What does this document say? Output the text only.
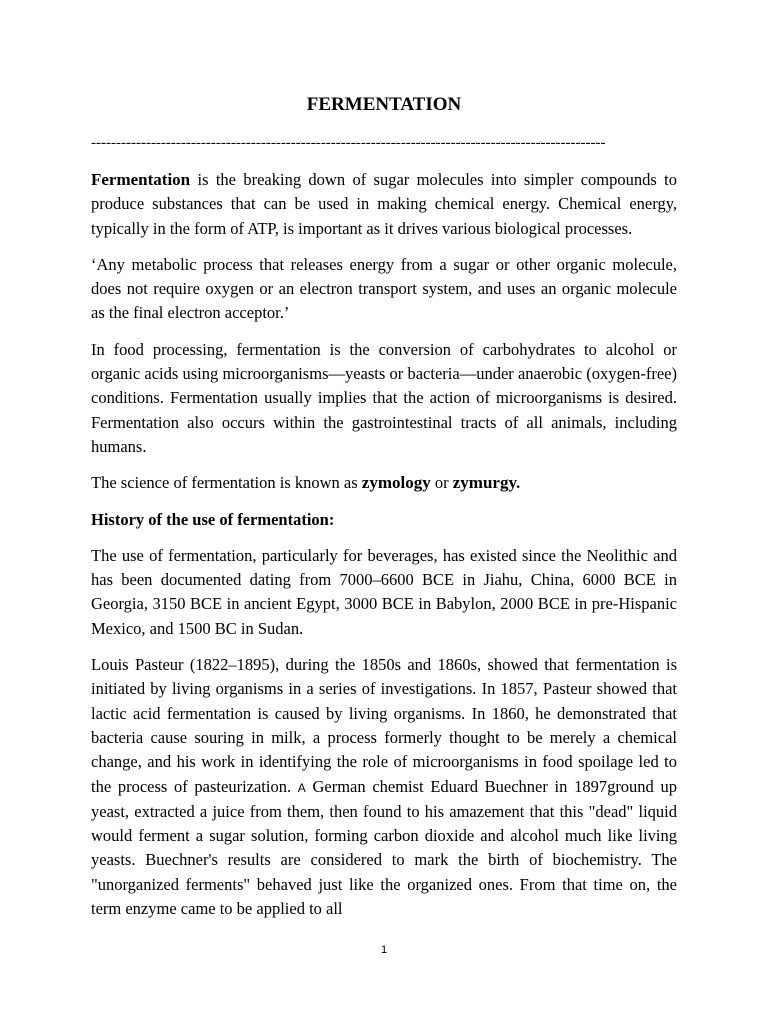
FERMENTATION
-------------------------------------------------------------------------------------------------------

Fermentation is the breaking down of sugar molecules into simpler compounds to produce substances that can be used in making chemical energy. Chemical energy, typically in the form of ATP, is important as it drives various biological processes.

‘Any metabolic process that releases energy from a sugar or other organic molecule, does not require oxygen or an electron transport system, and uses an organic molecule as the final electron acceptor.’

In food processing, fermentation is the conversion of carbohydrates to alcohol or organic acids using microorganisms—yeasts or bacteria—under anaerobic (oxygen-free) conditions. Fermentation usually implies that the action of microorganisms is desired. Fermentation also occurs within the gastrointestinal tracts of all animals, including humans.

The science of fermentation is known as zymology or zymurgy.

History of the use of fermentation:

The use of fermentation, particularly for beverages, has existed since the Neolithic and has been documented dating from 7000–6600 BCE in Jiahu, China, 6000 BCE in Georgia, 3150 BCE in ancient Egypt, 3000 BCE in Babylon, 2000 BCE in pre-Hispanic Mexico, and 1500 BC in Sudan.

Louis Pasteur (1822–1895), during the 1850s and 1860s, showed that fermentation is initiated by living organisms in a series of investigations. In 1857, Pasteur showed that lactic acid fermentation is caused by living organisms. In 1860, he demonstrated that bacteria cause souring in milk, a process formerly thought to be merely a chemical change, and his work in identifying the role of microorganisms in food spoilage led to the process of pasteurization. A German chemist Eduard Buechner in 1897ground up yeast, extracted a juice from them, then found to his amazement that this "dead" liquid would ferment a sugar solution, forming carbon dioxide and alcohol much like living yeasts. Buechner's results are considered to mark the birth of biochemistry. The "unorganized ferments" behaved just like the organized ones. From that time on, the term enzyme came to be applied to all

1
